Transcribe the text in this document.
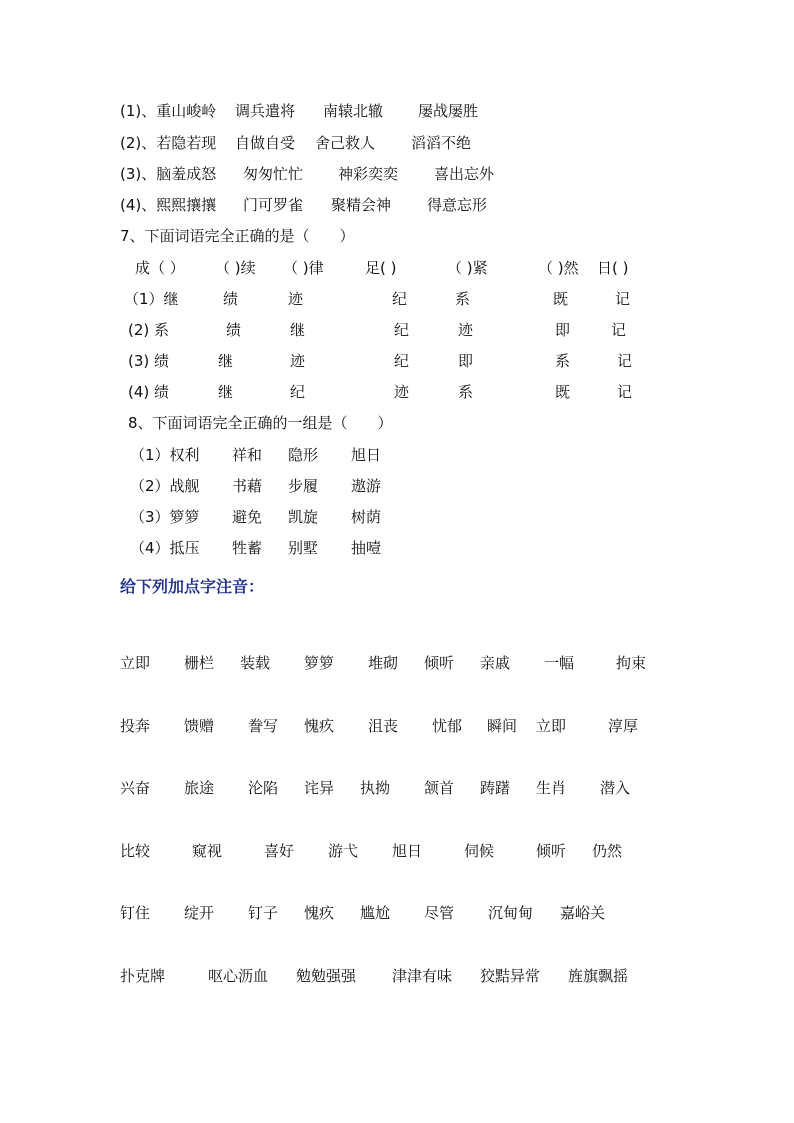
(1)、重山峻岭 调兵遣将 南辕北辙 屡战屡胜
(2)、若隐若现 自做自受 舍己救人 滔滔不绝
(3)、脑羞成怒 匆匆忙忙 神彩奕奕 喜出忘外
(4)、熙熙攘攘 门可罗雀 聚精会神 得意忘形
7、下面词语完全正确的是（　　）
成（ ） （ )续 （ )律	足( )	（ )紧	（ )然 日( )
（1）继	绩	迹	纪	系	既	记
(2) 系	绩	继	纪	迹	即	记
(3) 绩	继	迹	纪	即	系	记
(4) 绩	继	纪	迹	系	既	记
8、下面词语完全正确的一组是（　　）
（1）权利 祥和 隐形 旭日
（2）战舰 书藉 步履 遨游
（3）箩箩 避免 凯旋 树荫
（4）抵压 牲蓄 别墅 抽噎
给下列加点字注音：
立即 栅栏 装载 箩箩 堆砌 倾听 亲戚 一幅	拘束
投奔 馈赠 誊写 愧疚 沮丧 忧郁 瞬间 立即	淳厚
兴奋 旅途 沦陷 诧异 执拗 颔首 踌躇 生肖 潜入
比较	窥视	喜好 游弋 旭日	伺候	倾听 仍然
钉住 绽开 钉子 愧疚 尴尬 尽管 沉甸甸 嘉峪关
扑克牌	呕心沥血 勉勉强强 津津有味 狡黠异常 旌旗飘摇
